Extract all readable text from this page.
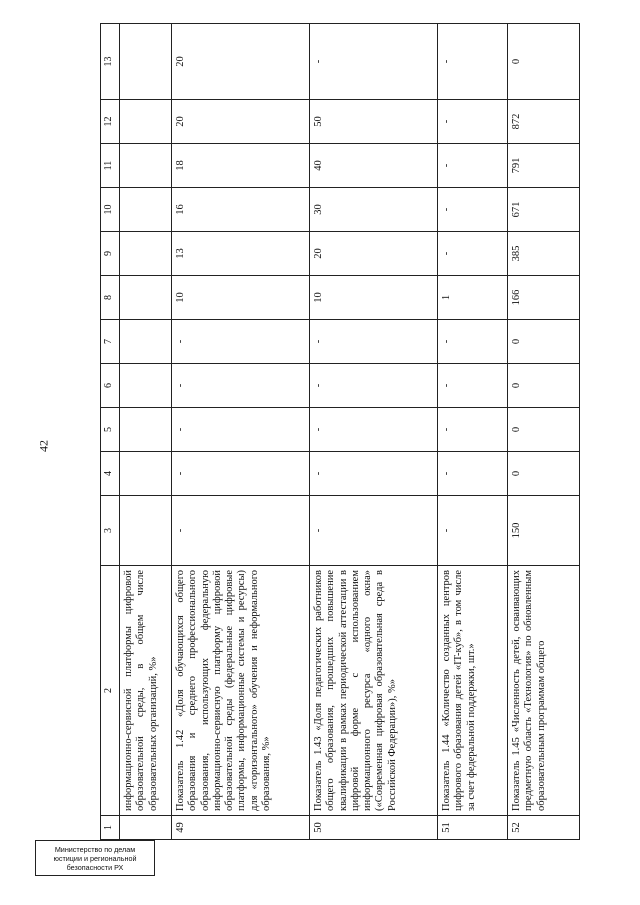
42
1	2	3	4	5	6	7	8	9	10	11	12	13
	информационно-сервисной платформы цифровой образовательной среды, в общем числе образовательных организаций, %»											
49	Показатель 1.42 «Доля обучающихся общего образования и среднего профессионального образования, использующих федеральную информационно-сервисную платформу цифровой образовательной среды (федеральные цифровые платформы, информационные системы и ресурсы) для «горизонтального» обучения и неформального образования, %»	-	-	-	-	-	10	13	16	18	20	20
50	Показатель 1.43 «Доля педагогических работников общего образования, прошедших повышение квалификации в рамках периодической аттестации в цифровой форме с использованием информационного ресурса «одного окна» («Современная цифровая образовательная среда в Российской Федерации»), %»	-	-	-	-	-	10	20	30	40	50	-
51	Показатель 1.44 «Количество созданных центров цифрового образования детей «IT-куб», в том числе за счет федеральной поддержки, шт.»	-	-	-	-	-	1	-	-	-	-	-
52	Показатель 1.45 «Численность детей, осваивающих предметную область «Технология» по обновленным образовательным программам общего	150	0	0	0	0	166	385	671	791	872	0
Министерство по делам
юстиции и региональной
безопасности РХ
